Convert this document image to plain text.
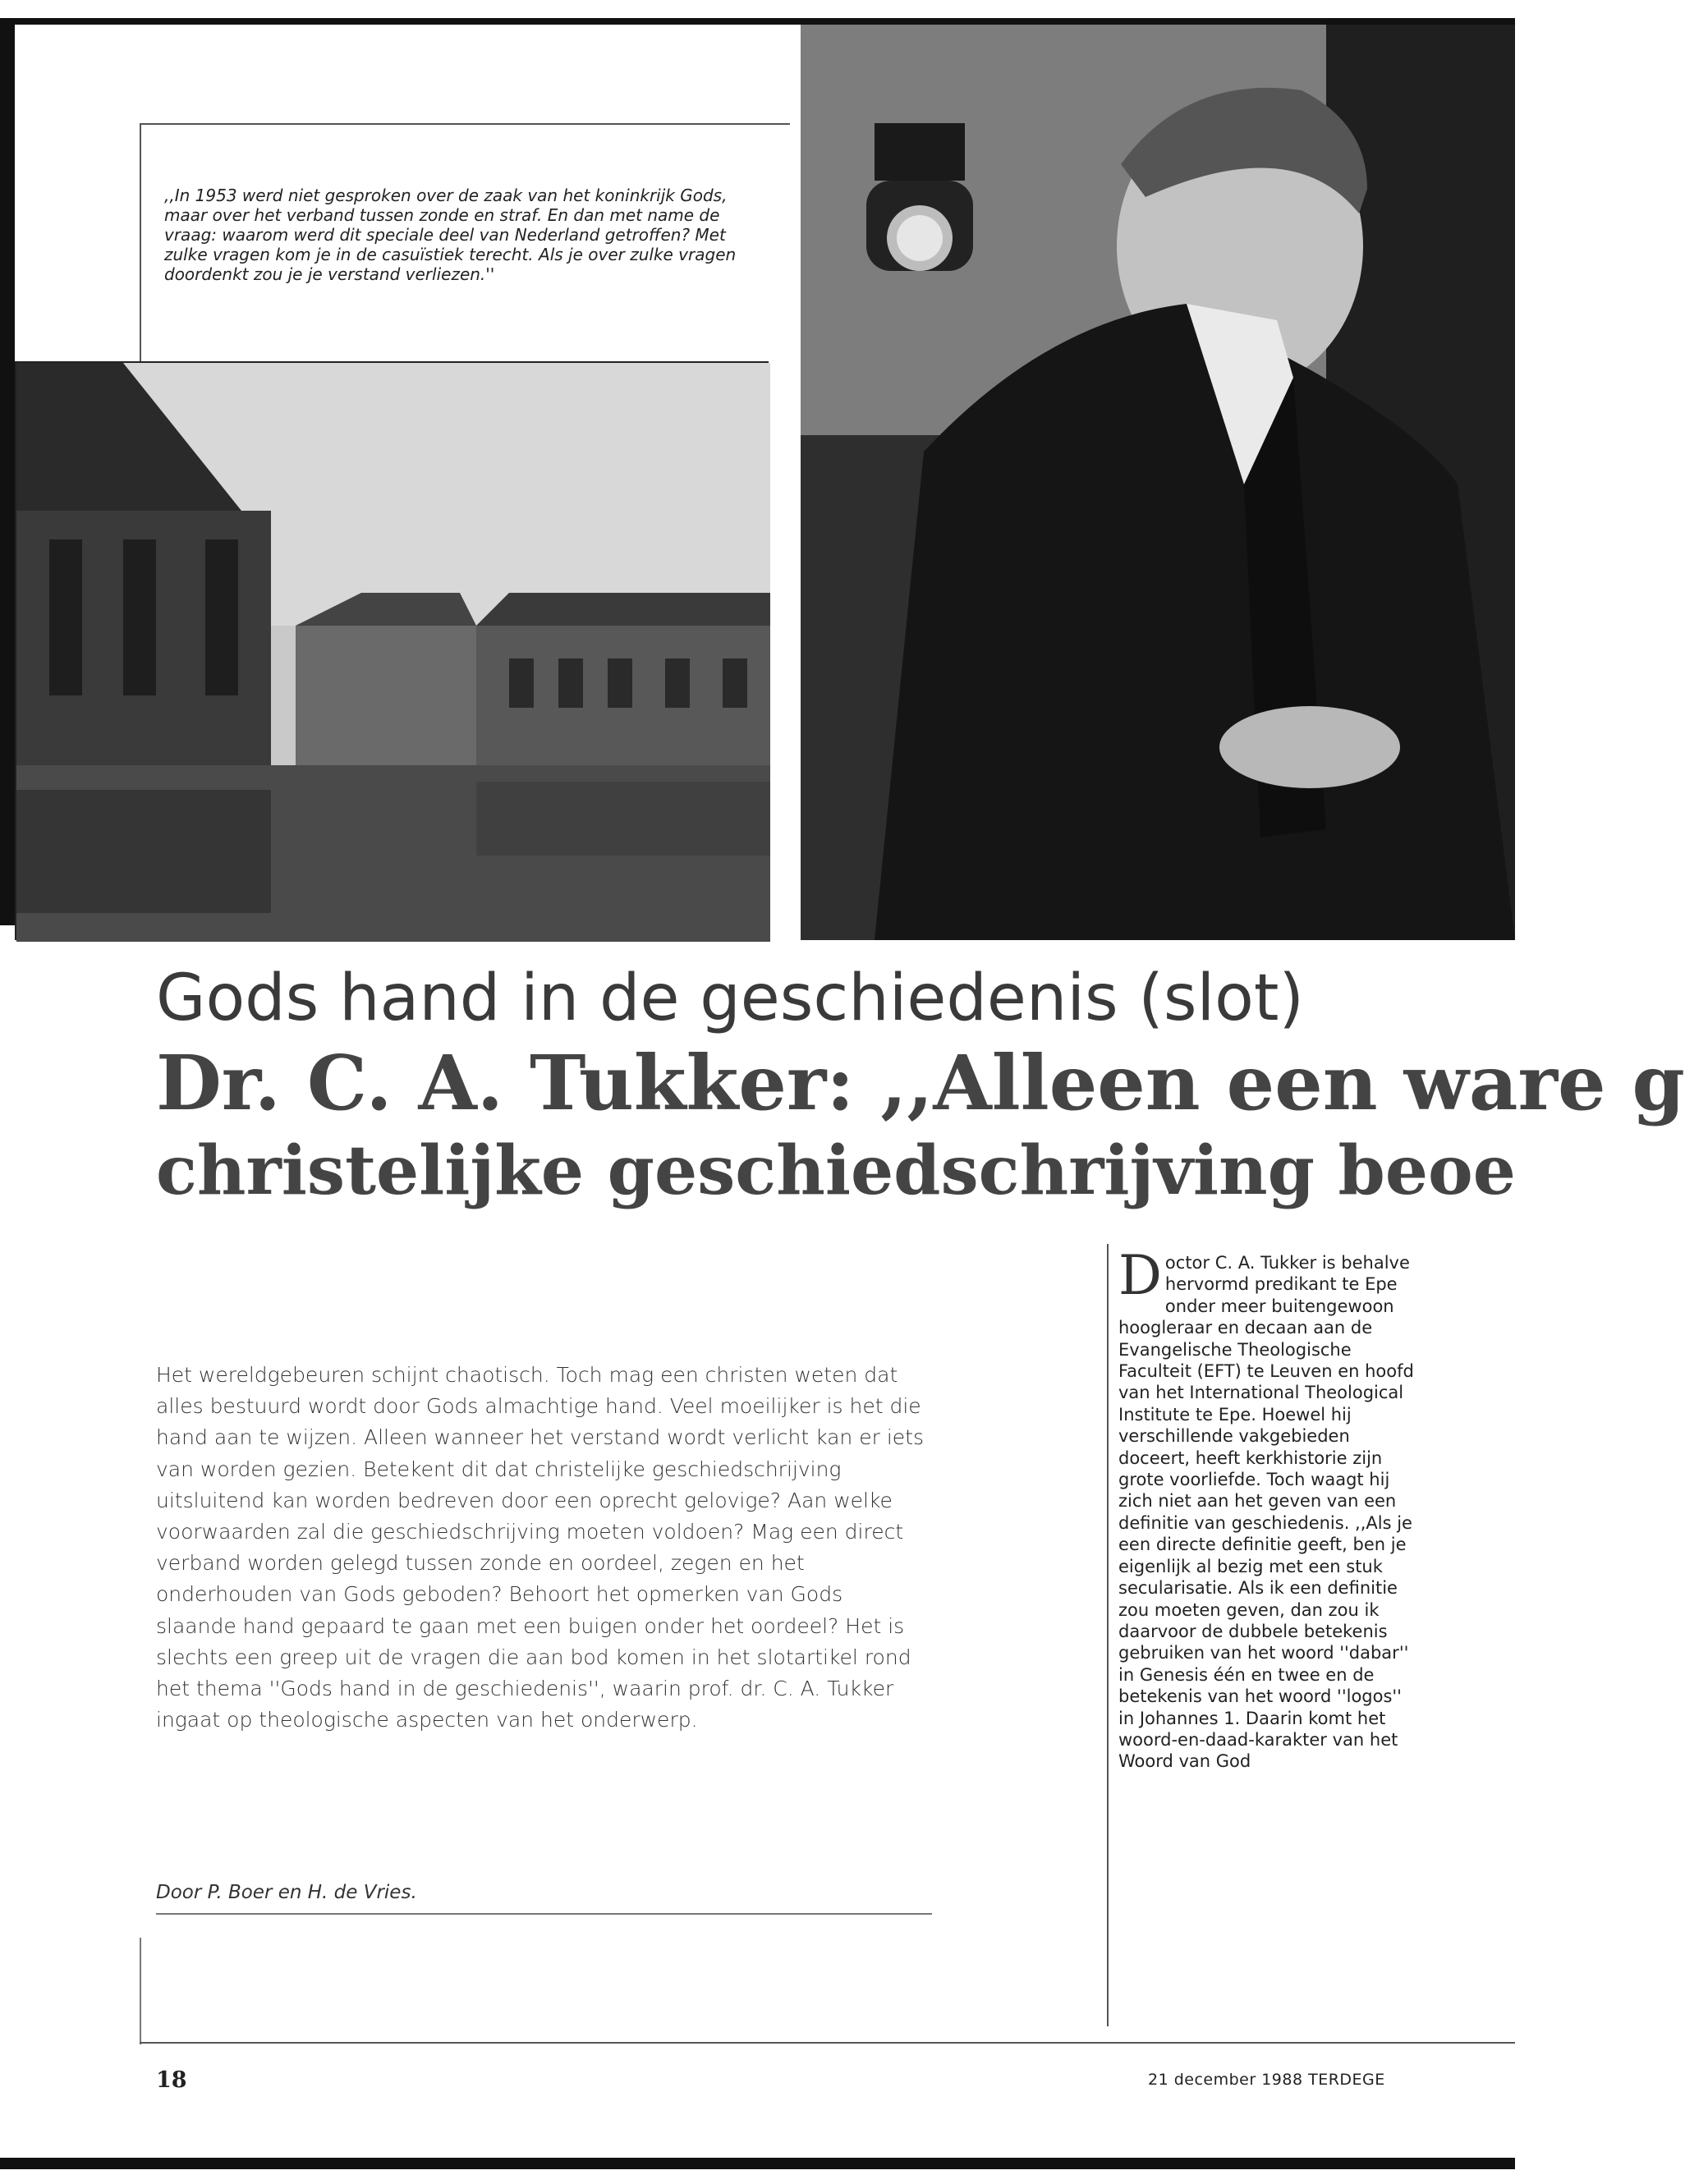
,,In 1953 werd niet gesproken over de zaak van het koninkrijk Gods, maar over het verband tussen zonde en straf. En dan met name de vraag: waarom werd dit speciale deel van Nederland getroffen? Met zulke vragen kom je in de casuïstiek terecht. Als je over zulke vragen doordenkt zou je je verstand verliezen.''
Gods hand in de geschiedenis (slot)
Dr. C. A. Tukker: ,,Alleen een ware g
christelijke geschiedschrijving beoe
Het wereldgebeuren schijnt chaotisch. Toch mag een christen weten dat alles bestuurd wordt door Gods almachtige hand. Veel moeilijker is het die hand aan te wijzen. Alleen wanneer het verstand wordt verlicht kan er iets van worden gezien. Betekent dit dat christelijke geschiedschrijving uitsluitend kan worden bedreven door een oprecht gelovige? Aan welke voorwaarden zal die geschiedschrijving moeten voldoen? Mag een direct verband worden gelegd tussen zonde en oordeel, zegen en het onderhouden van Gods geboden? Behoort het opmerken van Gods slaande hand gepaard te gaan met een buigen onder het oordeel? Het is slechts een greep uit de vragen die aan bod komen in het slotartikel rond het thema ''Gods hand in de geschiedenis'', waarin prof. dr. C. A. Tukker ingaat op theologische aspecten van het onderwerp.
Door P. Boer en H. de Vries.
Doctor C. A. Tukker is behalve hervormd predikant te Epe onder meer buitengewoon hoogleraar en decaan aan de Evangelische Theologische Faculteit (EFT) te Leuven en hoofd van het International Theological Institute te Epe. Hoewel hij verschillende vakgebieden doceert, heeft kerkhistorie zijn grote voorliefde. Toch waagt hij zich niet aan het geven van een definitie van geschiedenis. ,,Als je een directe definitie geeft, ben je eigenlijk al bezig met een stuk secularisatie. Als ik een definitie zou moeten geven, dan zou ik daarvoor de dubbele betekenis gebruiken van het woord ''dabar'' in Genesis één en twee en de betekenis van het woord ''logos'' in Johannes 1. Daarin komt het woord-en-daad-karakter van het Woord van God
18	21 december 1988 TERDEGE
